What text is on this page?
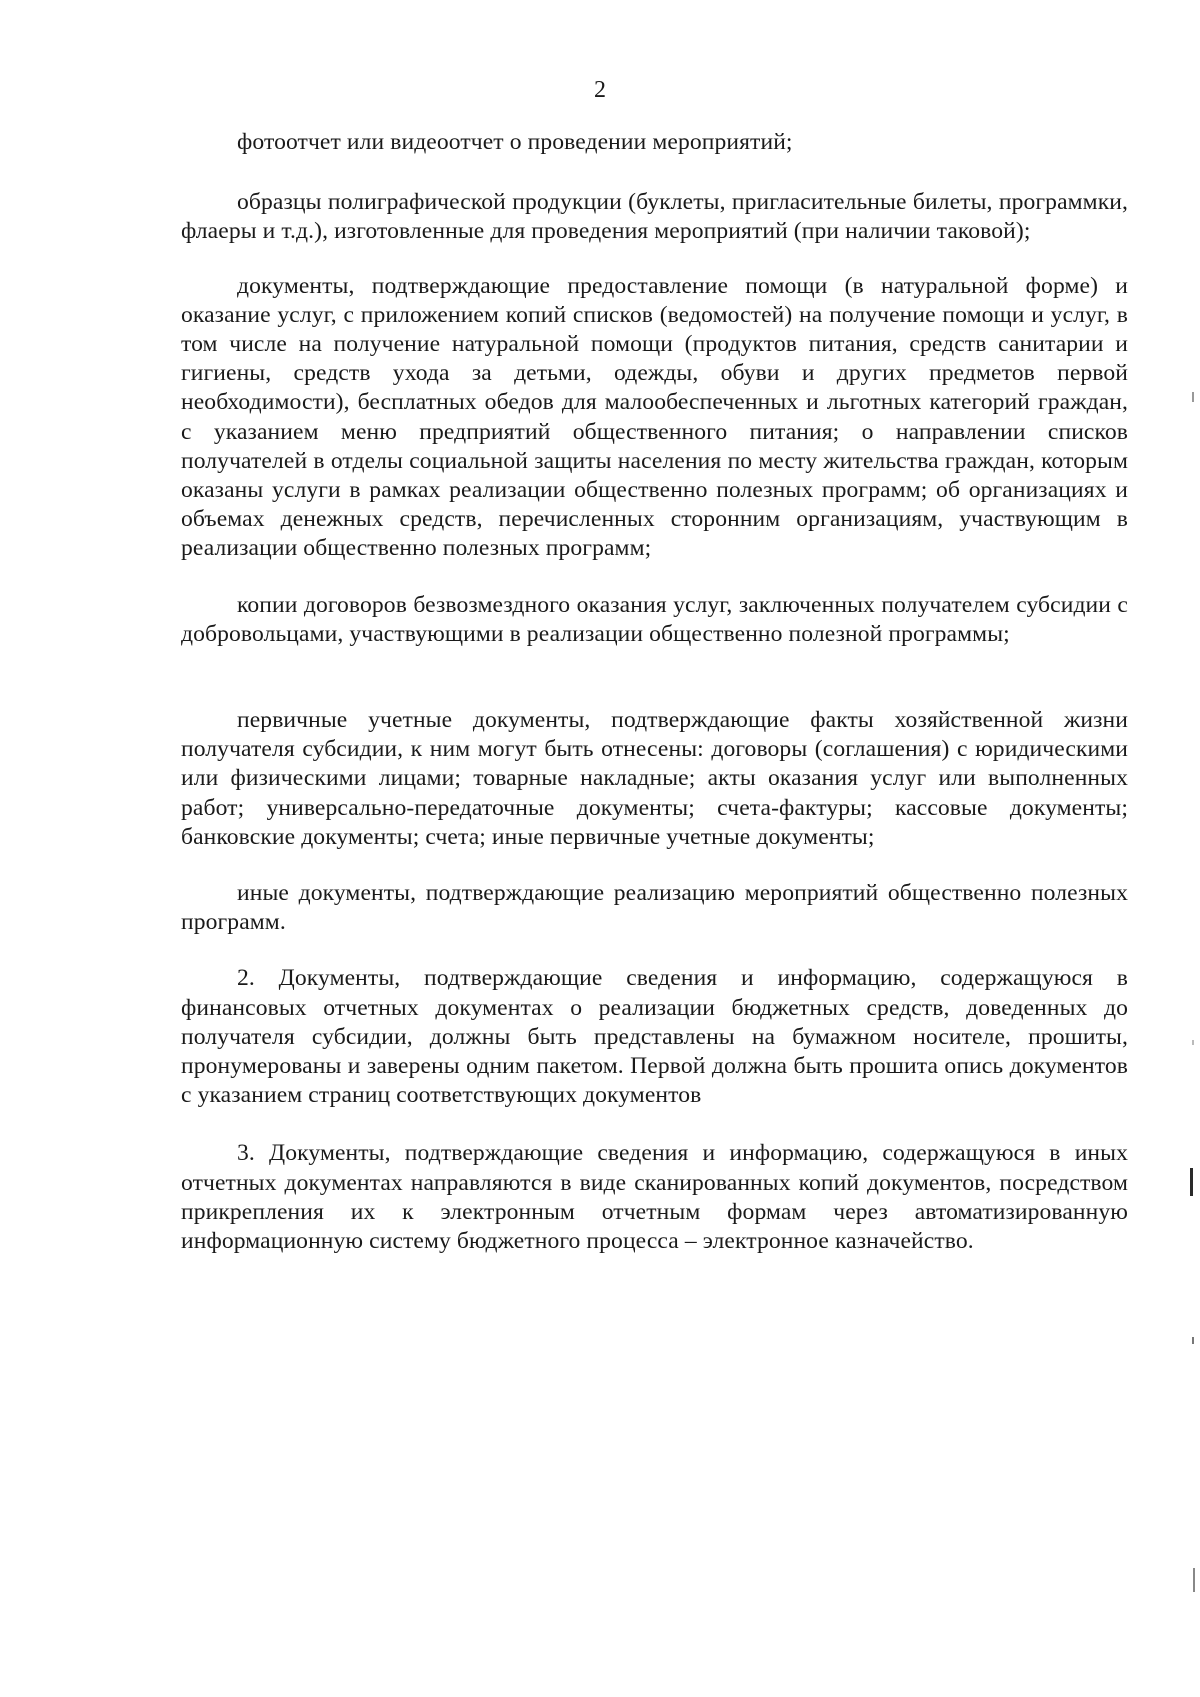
2

фотоотчет или видеоотчет о проведении мероприятий;

образцы полиграфической продукции (буклеты, пригласительные билеты, программки, флаеры и т.д.), изготовленные для проведения мероприятий (при наличии таковой);

документы, подтверждающие предоставление помощи (в натуральной форме) и оказание услуг, с приложением копий списков (ведомостей) на получение помощи и услуг, в том числе на получение натуральной помощи (продуктов питания, средств санитарии и гигиены, средств ухода за детьми, одежды, обуви и других предметов первой необходимости), бесплатных обедов для малообеспеченных и льготных категорий граждан, с указанием меню предприятий общественного питания; о направлении списков получателей в отделы социальной защиты населения по месту жительства граждан, которым оказаны услуги в рамках реализации общественно полезных программ; об организациях и объемах денежных средств, перечисленных сторонним организациям, участвующим в реализации общественно полезных программ;

копии договоров безвозмездного оказания услуг, заключенных получателем субсидии с добровольцами, участвующими в реализации общественно полезной программы;

первичные учетные документы, подтверждающие факты хозяйственной жизни получателя субсидии, к ним могут быть отнесены: договоры (соглашения) с юридическими или физическими лицами; товарные накладные; акты оказания услуг или выполненных работ; универсально-передаточные документы; счета-фактуры; кассовые документы; банковские документы; счета; иные первичные учетные документы;

иные документы, подтверждающие реализацию мероприятий общественно полезных программ.

2. Документы, подтверждающие сведения и информацию, содержащуюся в финансовых отчетных документах о реализации бюджетных средств, доведенных до получателя субсидии, должны быть представлены на бумажном носителе, прошиты, пронумерованы и заверены одним пакетом. Первой должна быть прошита опись документов с указанием страниц соответствующих документов

3. Документы, подтверждающие сведения и информацию, содержащуюся в иных отчетных документах направляются в виде сканированных копий документов, посредством прикрепления их к электронным отчетным формам через автоматизированную информационную систему бюджетного процесса – электронное казначейство.
